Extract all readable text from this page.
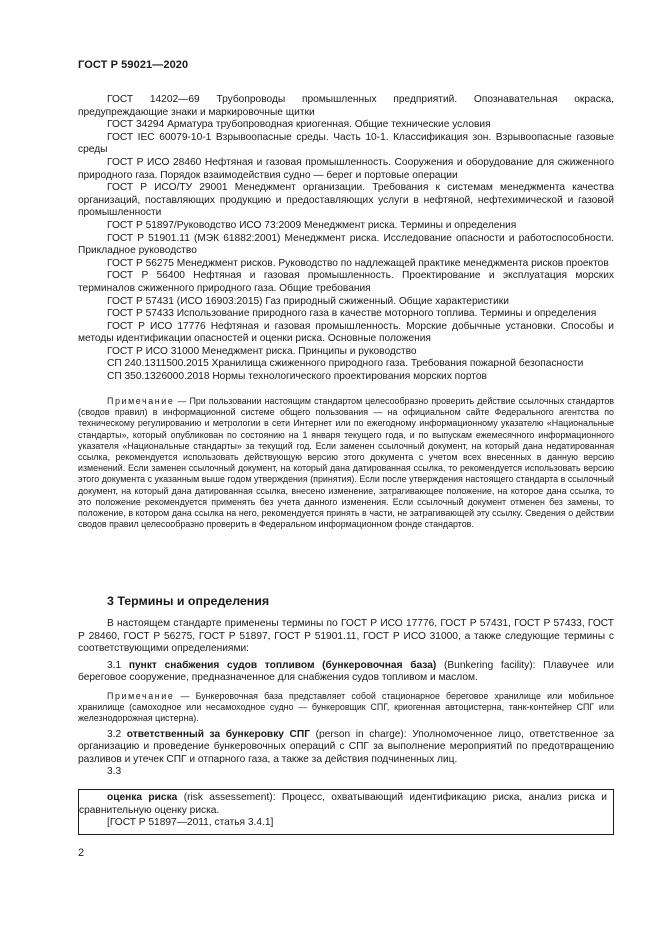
ГОСТ Р 59021—2020

ГОСТ 14202—69 Трубопроводы промышленных предприятий. Опознавательная окраска, предупреждающие знаки и маркировочные щитки

ГОСТ 34294 Арматура трубопроводная криогенная. Общие технические условия

ГОСТ IEC 60079-10-1 Взрывоопасные среды. Часть 10-1. Классификация зон. Взрывоопасные газовые среды

ГОСТ Р ИСО 28460 Нефтяная и газовая промышленность. Сооружения и оборудование для сжиженного природного газа. Порядок взаимодействия судно — берег и портовые операции

ГОСТ Р ИСО/ТУ 29001 Менеджмент организации. Требования к системам менеджмента качества организаций, поставляющих продукцию и предоставляющих услуги в нефтяной, нефтехимической и газовой промышленности

ГОСТ Р 51897/Руководство ИСО 73:2009 Менеджмент риска. Термины и определения

ГОСТ Р 51901.11 (МЭК 61882:2001) Менеджмент риска. Исследование опасности и работоспособности. Прикладное руководство

ГОСТ Р 56275 Менеджмент рисков. Руководство по надлежащей практике менеджмента рисков проектов

ГОСТ Р 56400 Нефтяная и газовая промышленность. Проектирование и эксплуатация морских терминалов сжиженного природного газа. Общие требования

ГОСТ Р 57431 (ИСО 16903:2015) Газ природный сжиженный. Общие характеристики

ГОСТ Р 57433 Использование природного газа в качестве моторного топлива. Термины и определения

ГОСТ Р ИСО 17776 Нефтяная и газовая промышленность. Морские добычные установки. Способы и методы идентификации опасностей и оценки риска. Основные положения

ГОСТ Р ИСО 31000 Менеджмент риска. Принципы и руководство

СП 240.1311500.2015 Хранилища сжиженного природного газа. Требования пожарной безопасности

СП 350.1326000.2018 Нормы технологического проектирования морских портов

Примечание — При пользовании настоящим стандартом целесообразно проверить действие ссылочных стандартов (сводов правил) в информационной системе общего пользования — на официальном сайте Федерального агентства по техническому регулированию и метрологии в сети Интернет или по ежегодному информационному указателю «Национальные стандарты», который опубликован по состоянию на 1 января текущего года, и по выпускам ежемесячного информационного указателя «Национальные стандарты» за текущий год. Если заменен ссылочный документ, на который дана недатированная ссылка, рекомендуется использовать действующую версию этого документа с учетом всех внесенных в данную версию изменений. Если заменен ссылочный документ, на который дана датированная ссылка, то рекомендуется использовать версию этого документа с указанным выше годом утверждения (принятия). Если после утверждения настоящего стандарта в ссылочный документ, на который дана датированная ссылка, внесено изменение, затрагивающее положение, на которое дана ссылка, то это положение рекомендуется применять без учета данного изменения. Если ссылочный документ отменен без замены, то положение, в котором дана ссылка на него, рекомендуется принять в части, не затрагивающей эту ссылку. Сведения о действии сводов правил целесообразно проверить в Федеральном информационном фонде стандартов.

3 Термины и определения

В настоящем стандарте применены термины по ГОСТ Р ИСО 17776, ГОСТ Р 57431, ГОСТ Р 57433, ГОСТ Р 28460, ГОСТ Р 56275, ГОСТ Р 51897, ГОСТ Р 51901.11, ГОСТ Р ИСО 31000, а также следующие термины с соответствующими определениями:

3.1 пункт снабжения судов топливом (бункеровочная база) (Bunkering facility): Плавучее или береговое сооружение, предназначенное для снабжения судов топливом и маслом.

Примечание — Бункеровочная база представляет собой стационарное береговое хранилище или мобильное хранилище (самоходное или несамоходное судно — бункеровщик СПГ, криогенная автоцистерна, танк-контейнер СПГ или железнодорожная цистерна).

3.2 ответственный за бункеровку СПГ (person in charge): Уполномоченное лицо, ответственное за организацию и проведение бункеровочных операций с СПГ за выполнение мероприятий по предотвращению разливов и утечек СПГ и отпарного газа, а также за действия подчиненных лиц.

3.3

оценка риска (risk assessement): Процесс, охватывающий идентификацию риска, анализ риска и сравнительную оценку риска.

[ГОСТ Р 51897—2011, статья 3.4.1]

2
